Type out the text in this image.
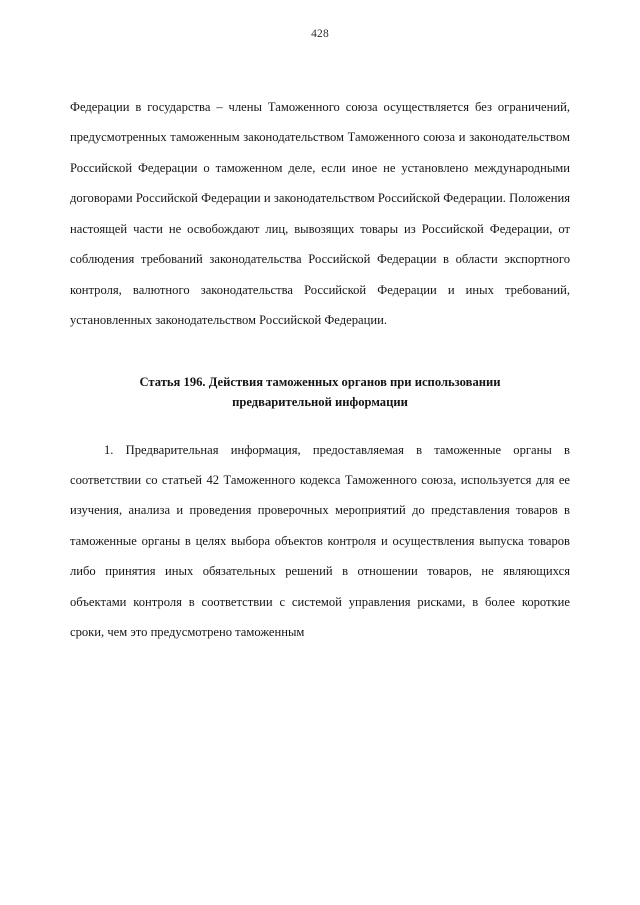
428

Федерации в государства – члены Таможенного союза осуществляется без ограничений, предусмотренных таможенным законодательством Таможенного союза и законодательством Российской Федерации о таможенном деле, если иное не установлено международными договорами Российской Федерации и законодательством Российской Федерации. Положения настоящей части не освобождают лиц, вывозящих товары из Российской Федерации, от соблюдения требований законодательства Российской Федерации в области экспортного контроля, валютного законодательства Российской Федерации и иных требований, установленных законодательством Российской Федерации.

Статья 196. Действия таможенных органов при использовании
предварительной информации

1. Предварительная информация, предоставляемая в таможенные органы в соответствии со статьей 42 Таможенного кодекса Таможенного союза, используется для ее изучения, анализа и проведения проверочных мероприятий до представления товаров в таможенные органы в целях выбора объектов контроля и осуществления выпуска товаров либо принятия иных обязательных решений в отношении товаров, не являющихся объектами контроля в соответствии с системой управления рисками, в более короткие сроки, чем это предусмотрено таможенным
